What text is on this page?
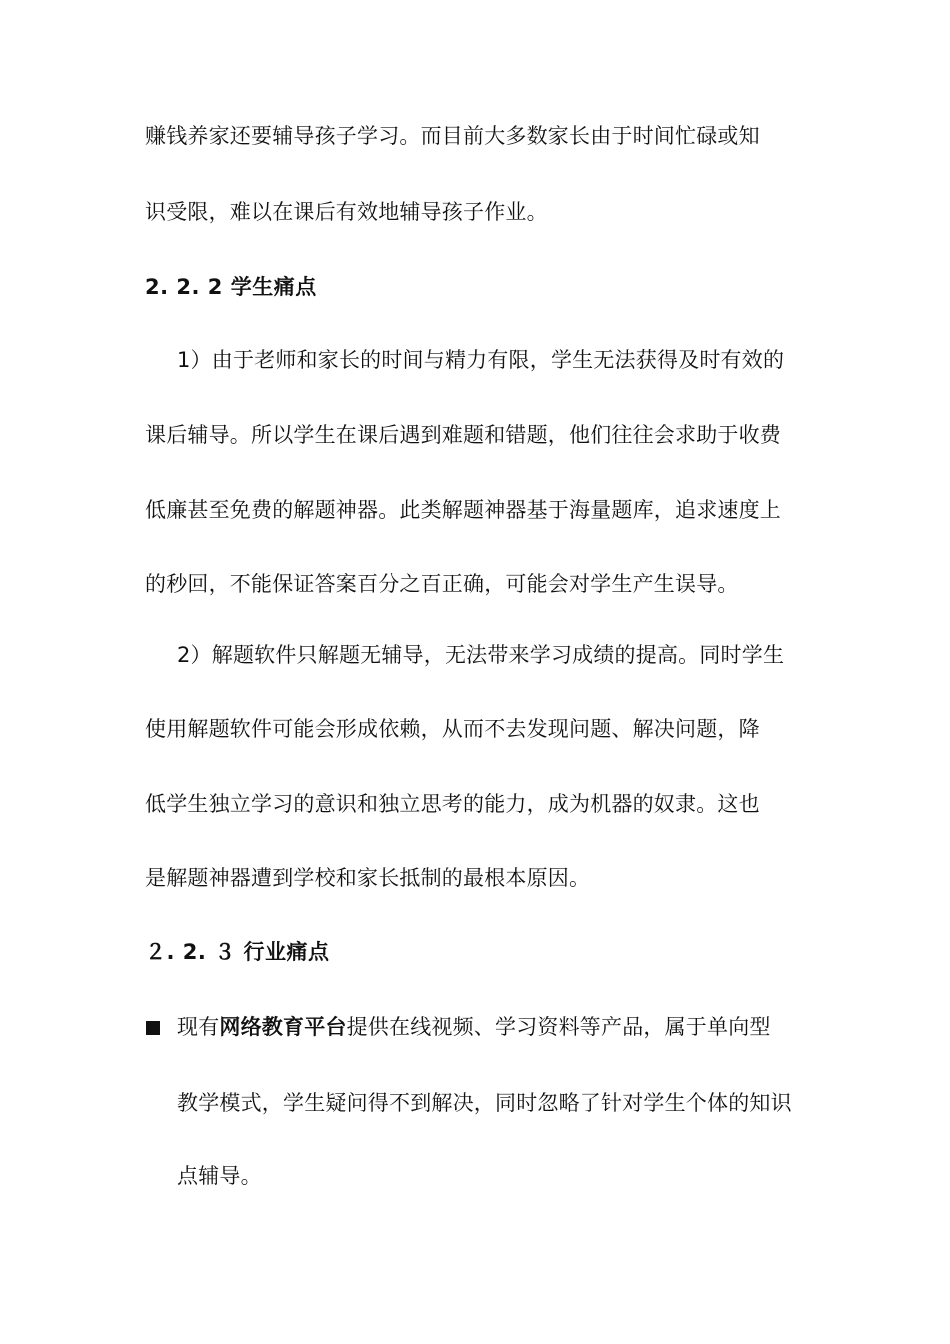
赚钱养家还要辅导孩子学习。而目前大多数家长由于时间忙碌或知
识受限，难以在课后有效地辅导孩子作业。
2. 2. 2 学生痛点
1）由于老师和家长的时间与精力有限，学生无法获得及时有效的
课后辅导。所以学生在课后遇到难题和错题，他们往往会求助于收费
低廉甚至免费的解题神器。此类解题神器基于海量题库，追求速度上
的秒回，不能保证答案百分之百正确，可能会对学生产生误导。
2）解题软件只解题无辅导，无法带来学习成绩的提高。同时学生
使用解题软件可能会形成依赖，从而不去发现问题、解决问题，降
低学生独立学习的意识和独立思考的能力，成为机器的奴隶。这也
是解题神器遭到学校和家长抵制的最根本原因。
２. 2. ３ 行业痛点
现有网络教育平台提供在线视频、学习资料等产品，属于单向型
教学模式，学生疑问得不到解决，同时忽略了针对学生个体的知识
点辅导。
